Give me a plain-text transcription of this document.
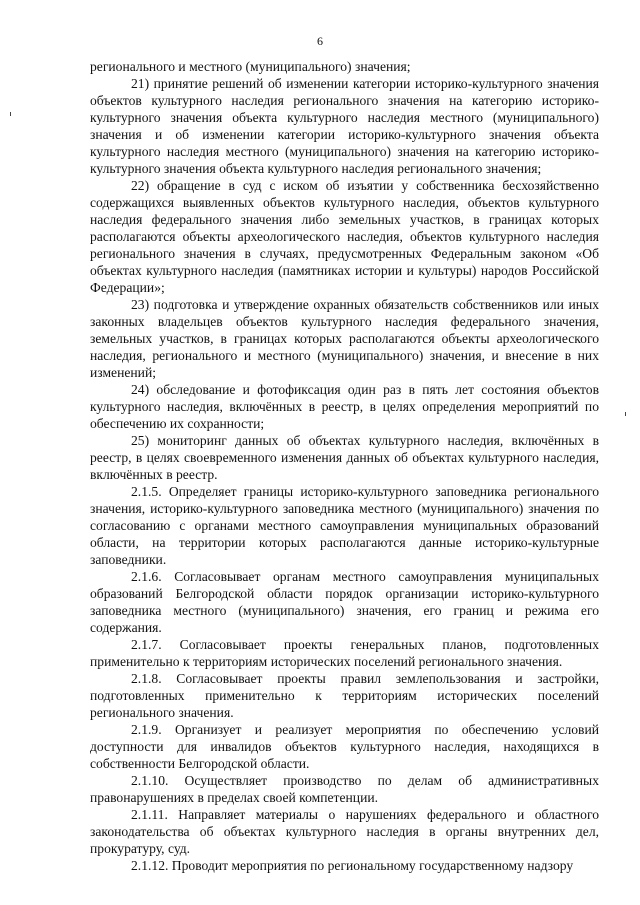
6

регионального и местного (муниципального) значения;

21) принятие решений об изменении категории историко-культурного значения объектов культурного наследия регионального значения на категорию историко-культурного значения объекта культурного наследия местного (муниципального) значения и об изменении категории историко-культурного значения объекта культурного наследия местного (муниципального) значения на категорию историко-культурного значения объекта культурного наследия регионального значения;

22) обращение в суд с иском об изъятии у собственника бесхозяйственно содержащихся выявленных объектов культурного наследия, объектов культурного наследия федерального значения либо земельных участков, в границах которых располагаются объекты археологического наследия, объектов культурного наследия регионального значения в случаях, предусмотренных Федеральным законом «Об объектах культурного наследия (памятниках истории и культуры) народов Российской Федерации»;

23) подготовка и утверждение охранных обязательств собственников или иных законных владельцев объектов культурного наследия федерального значения, земельных участков, в границах которых располагаются объекты археологического наследия, регионального и местного (муниципального) значения, и внесение в них изменений;

24) обследование и фотофиксация один раз в пять лет состояния объектов культурного наследия, включённых в реестр, в целях определения мероприятий по обеспечению их сохранности;

25) мониторинг данных об объектах культурного наследия, включённых в реестр, в целях своевременного изменения данных об объектах культурного наследия, включённых в реестр.

2.1.5. Определяет границы историко-культурного заповедника регионального значения, историко-культурного заповедника местного (муниципального) значения по согласованию с органами местного самоуправления муниципальных образований области, на территории которых располагаются данные историко-культурные заповедники.

2.1.6. Согласовывает органам местного самоуправления муниципальных образований Белгородской области порядок организации историко-культурного заповедника местного (муниципального) значения, его границ и режима его содержания.

2.1.7. Согласовывает проекты генеральных планов, подготовленных применительно к территориям исторических поселений регионального значения.

2.1.8. Согласовывает проекты правил землепользования и застройки, подготовленных применительно к территориям исторических поселений регионального значения.

2.1.9. Организует и реализует мероприятия по обеспечению условий доступности для инвалидов объектов культурного наследия, находящихся в собственности Белгородской области.

2.1.10. Осуществляет производство по делам об административных правонарушениях в пределах своей компетенции.

2.1.11. Направляет материалы о нарушениях федерального и областного законодательства об объектах культурного наследия в органы внутренних дел, прокуратуру, суд.

2.1.12. Проводит мероприятия по региональному государственному надзору
